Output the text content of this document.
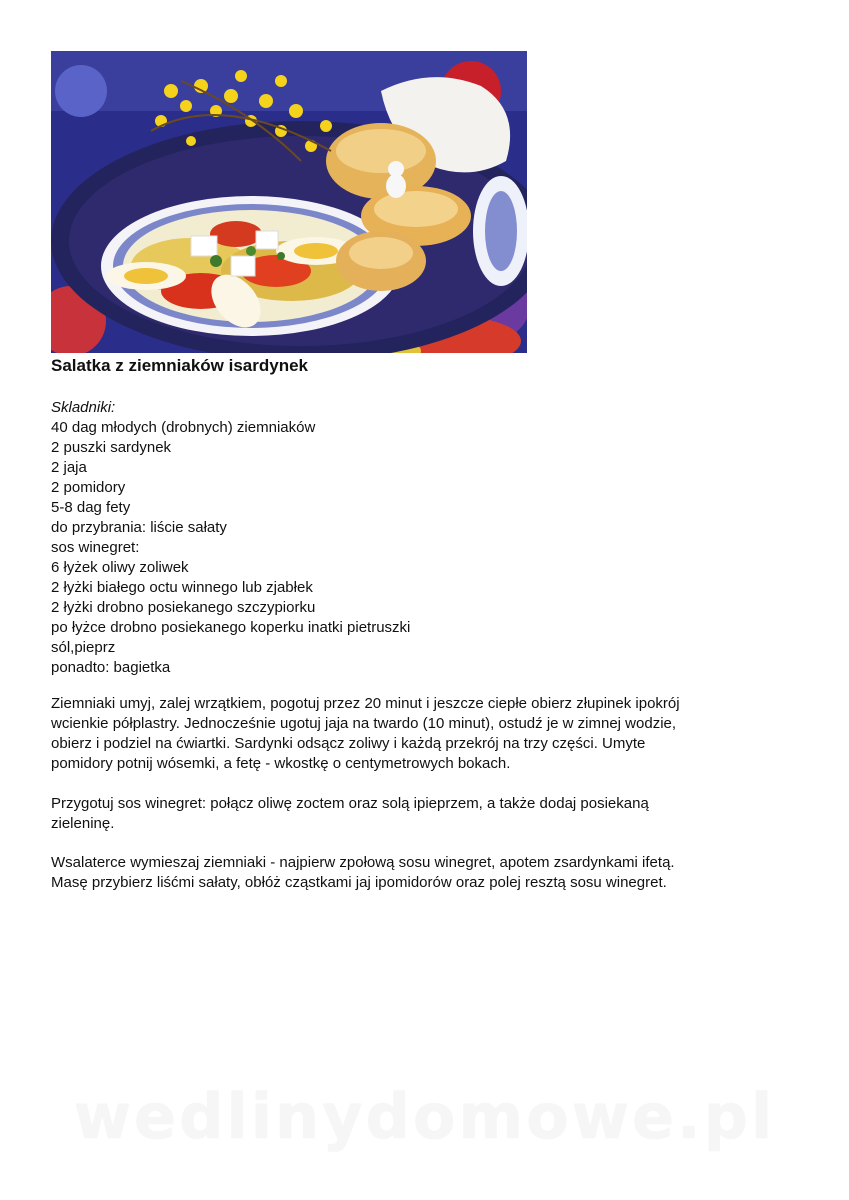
Salatka z ziemniaków isardynek
Skladniki:
40 dag młodych (drobnych) ziemniaków
2 puszki sardynek
2 jaja
2 pomidory
5-8 dag fety
do przybrania: liście sałaty
sos winegret:
6 łyżek oliwy zoliwek
2 łyżki białego octu winnego lub zjabłek
2 łyżki drobno posiekanego szczypiorku
po łyżce drobno posiekanego koperku inatki pietruszki
sól,pieprz
ponadto: bagietka
Ziemniaki umyj, zalej wrzątkiem, pogotuj przez 20 minut i jeszcze ciepłe obierz złupinek ipokrój
wcienkie półplastry. Jednocześnie ugotuj jaja na twardo (10 minut), ostudź je w zimnej wodzie,
obierz i podziel na ćwiartki. Sardynki odsącz zoliwy i każdą przekrój na trzy części. Umyte
pomidory potnij wósemki, a fetę - wkostkę o centymetrowych bokach.
Przygotuj sos winegret: połącz oliwę zoctem oraz solą ipieprzem, a także dodaj posiekaną
zieleninę.
Wsalaterce wymieszaj ziemniaki - najpierw zpołową sosu winegret, apotem zsardynkami ifetą.
Masę przybierz liśćmi sałaty, obłóż cząstkami jaj ipomidorów oraz polej resztą sosu winegret.
wedlinydomowe.pl
